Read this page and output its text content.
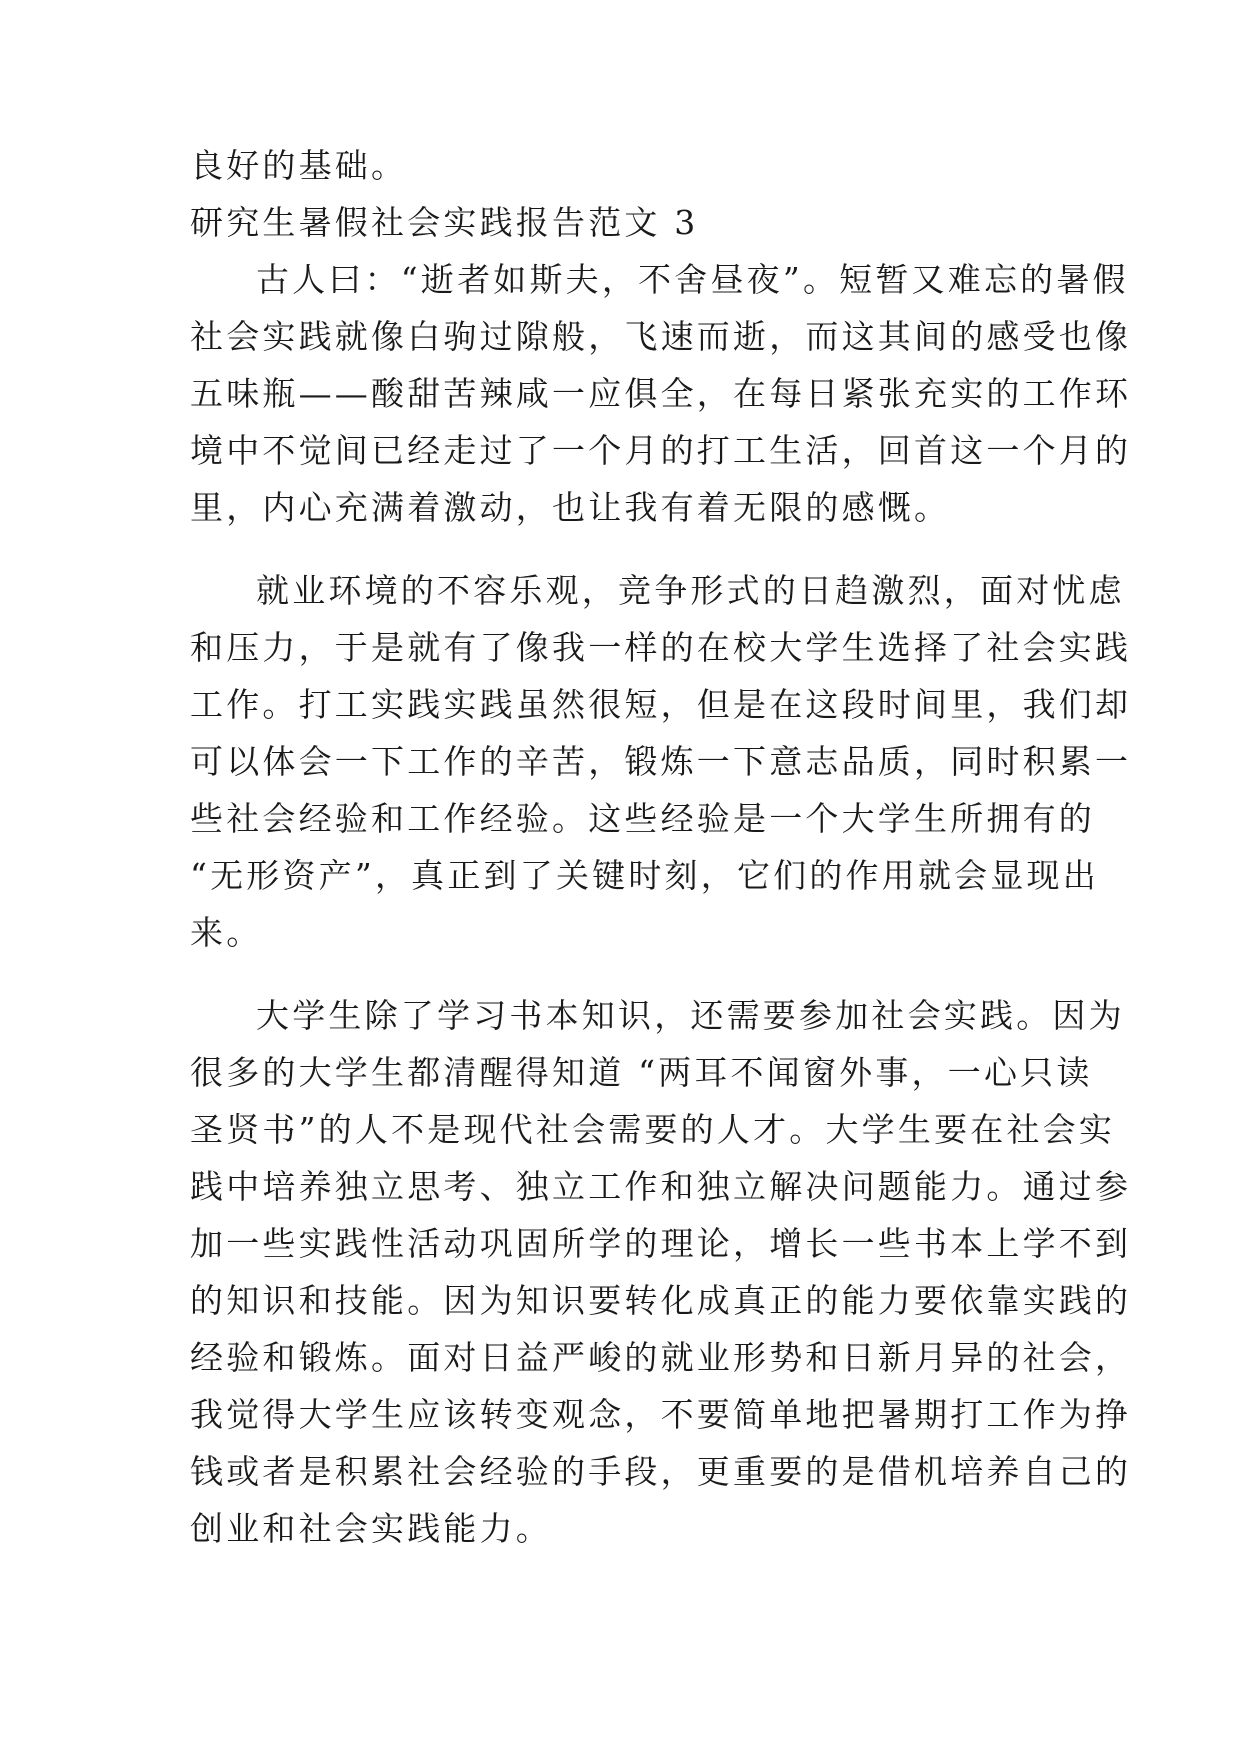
良好的基础。
研究生暑假社会实践报告范文 3
古人曰：“逝者如斯夫，不舍昼夜”。短暂又难忘的暑假
社会实践就像白驹过隙般，飞速而逝，而这其间的感受也像
五味瓶——酸甜苦辣咸一应俱全，在每日紧张充实的工作环
境中不觉间已经走过了一个月的打工生活，回首这一个月的
里，内心充满着激动，也让我有着无限的感慨。
就业环境的不容乐观，竞争形式的日趋激烈，面对忧虑
和压力，于是就有了像我一样的在校大学生选择了社会实践
工作。打工实践实践虽然很短，但是在这段时间里，我们却
可以体会一下工作的辛苦，锻炼一下意志品质，同时积累一
些社会经验和工作经验。这些经验是一个大学生所拥有的
“无形资产”，真正到了关键时刻，它们的作用就会显现出
来。
大学生除了学习书本知识，还需要参加社会实践。因为
很多的大学生都清醒得知道 “两耳不闻窗外事，一心只读
圣贤书”的人不是现代社会需要的人才。大学生要在社会实
践中培养独立思考、独立工作和独立解决问题能力。通过参
加一些实践性活动巩固所学的理论，增长一些书本上学不到
的知识和技能。因为知识要转化成真正的能力要依靠实践的
经验和锻炼。面对日益严峻的就业形势和日新月异的社会，
我觉得大学生应该转变观念，不要简单地把暑期打工作为挣
钱或者是积累社会经验的手段，更重要的是借机培养自己的
创业和社会实践能力。
